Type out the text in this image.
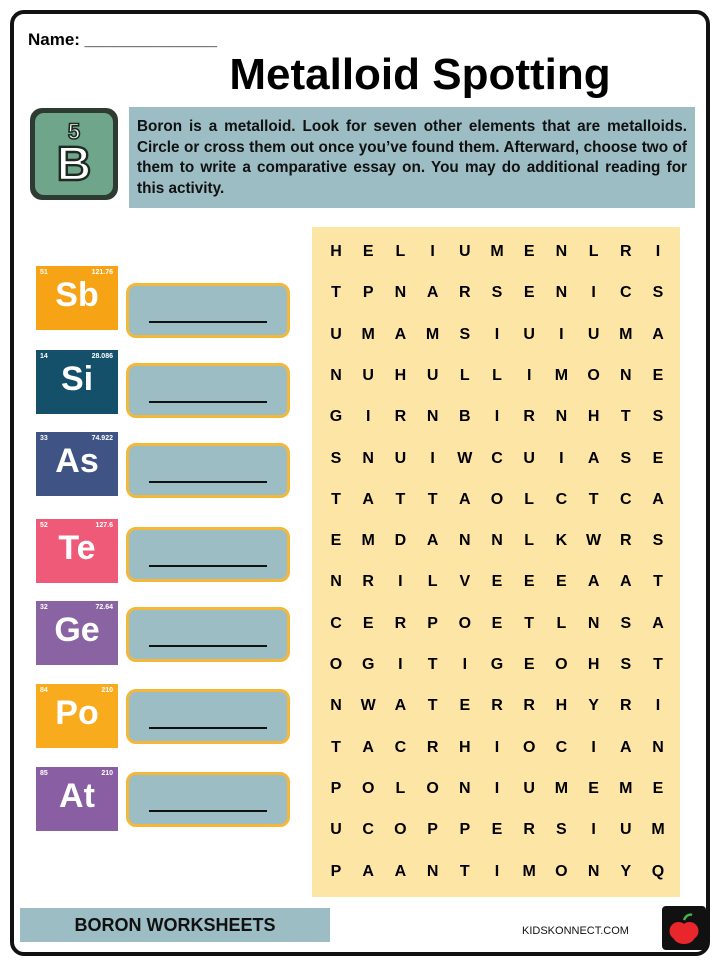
Name: ______________
Metalloid Spotting
5
B
Boron is a metalloid. Look for seven other elements that are metalloids. Circle or cross them out once you’ve found them. Afterward, choose two of them to write a comparative essay on. You may do additional reading for this activity.
51	121.76
Sb
14	28.086
Si
33	74.922
As
52	127.6
Te
32	72.64
Ge
84	210
Po
85	210
At
H E	L	I	U M E N	L	R	I
T	P N A R S E N	I	C S
U M A M S	I	U	I	U M A
N U H U	L	L	I	M O N E
G	I	R N B	I	R N H	T	S
S N U	I	W C U	I	A S E
T	A	T	T	A O	L	C	T	C A
E M D A N N	L	K W R S
N R	I	L	V E E E A A	T
C E R P O E	T	L	N S A
O G	I	T	I	G E O H S	T
N W A	T	E R R H Y R	I
T	A C R H	I	O C	I	A N
P O	L	O N	I	U M E M E
U C O P P E R S	I	U M
P A A N	T	I	M O N Y Q
BORON WORKSHEETS	KIDSKONNECT.COM
